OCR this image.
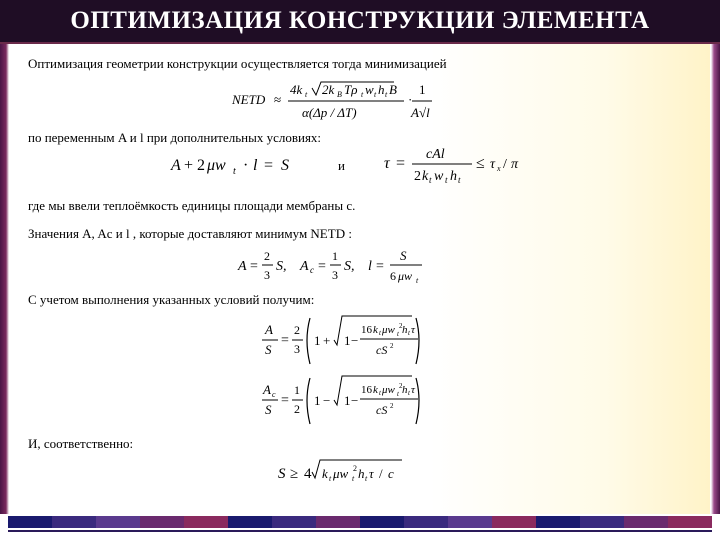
ОПТИМИЗАЦИЯ КОНСТРУКЦИИ ЭЛЕМЕНТА
Оптимизация геометрии конструкции осуществляется тогда минимизацией
NETD ≈
4k t 2k B Tρ t w t h t B
α(Δp / ΔT)
·
1
A√l
по переменным A и l при дополнительных условиях:
A + 2 μw t · l = S	и τ =
cAl
2 k t w t h t
≤ τ x / π
где мы ввели теплоёмкость единицы площади мембраны c.
Значения A, Ac и l , которые доставляют минимум NETD :
A =
2
3
S, A c =
1
3
S, l =
S
6 μw t
С учетом выполнения указанных условий получим:
A
S
=
2
3
1 + 1 −
16 k t μw 2
t h t τ
cS 2
A c
S
=
1
2
1 − 1 −
16 k t μw 2
t h t τ
cS 2
И, соответственно:
S ≥ 4 k t μw 2
t h t τ / c
